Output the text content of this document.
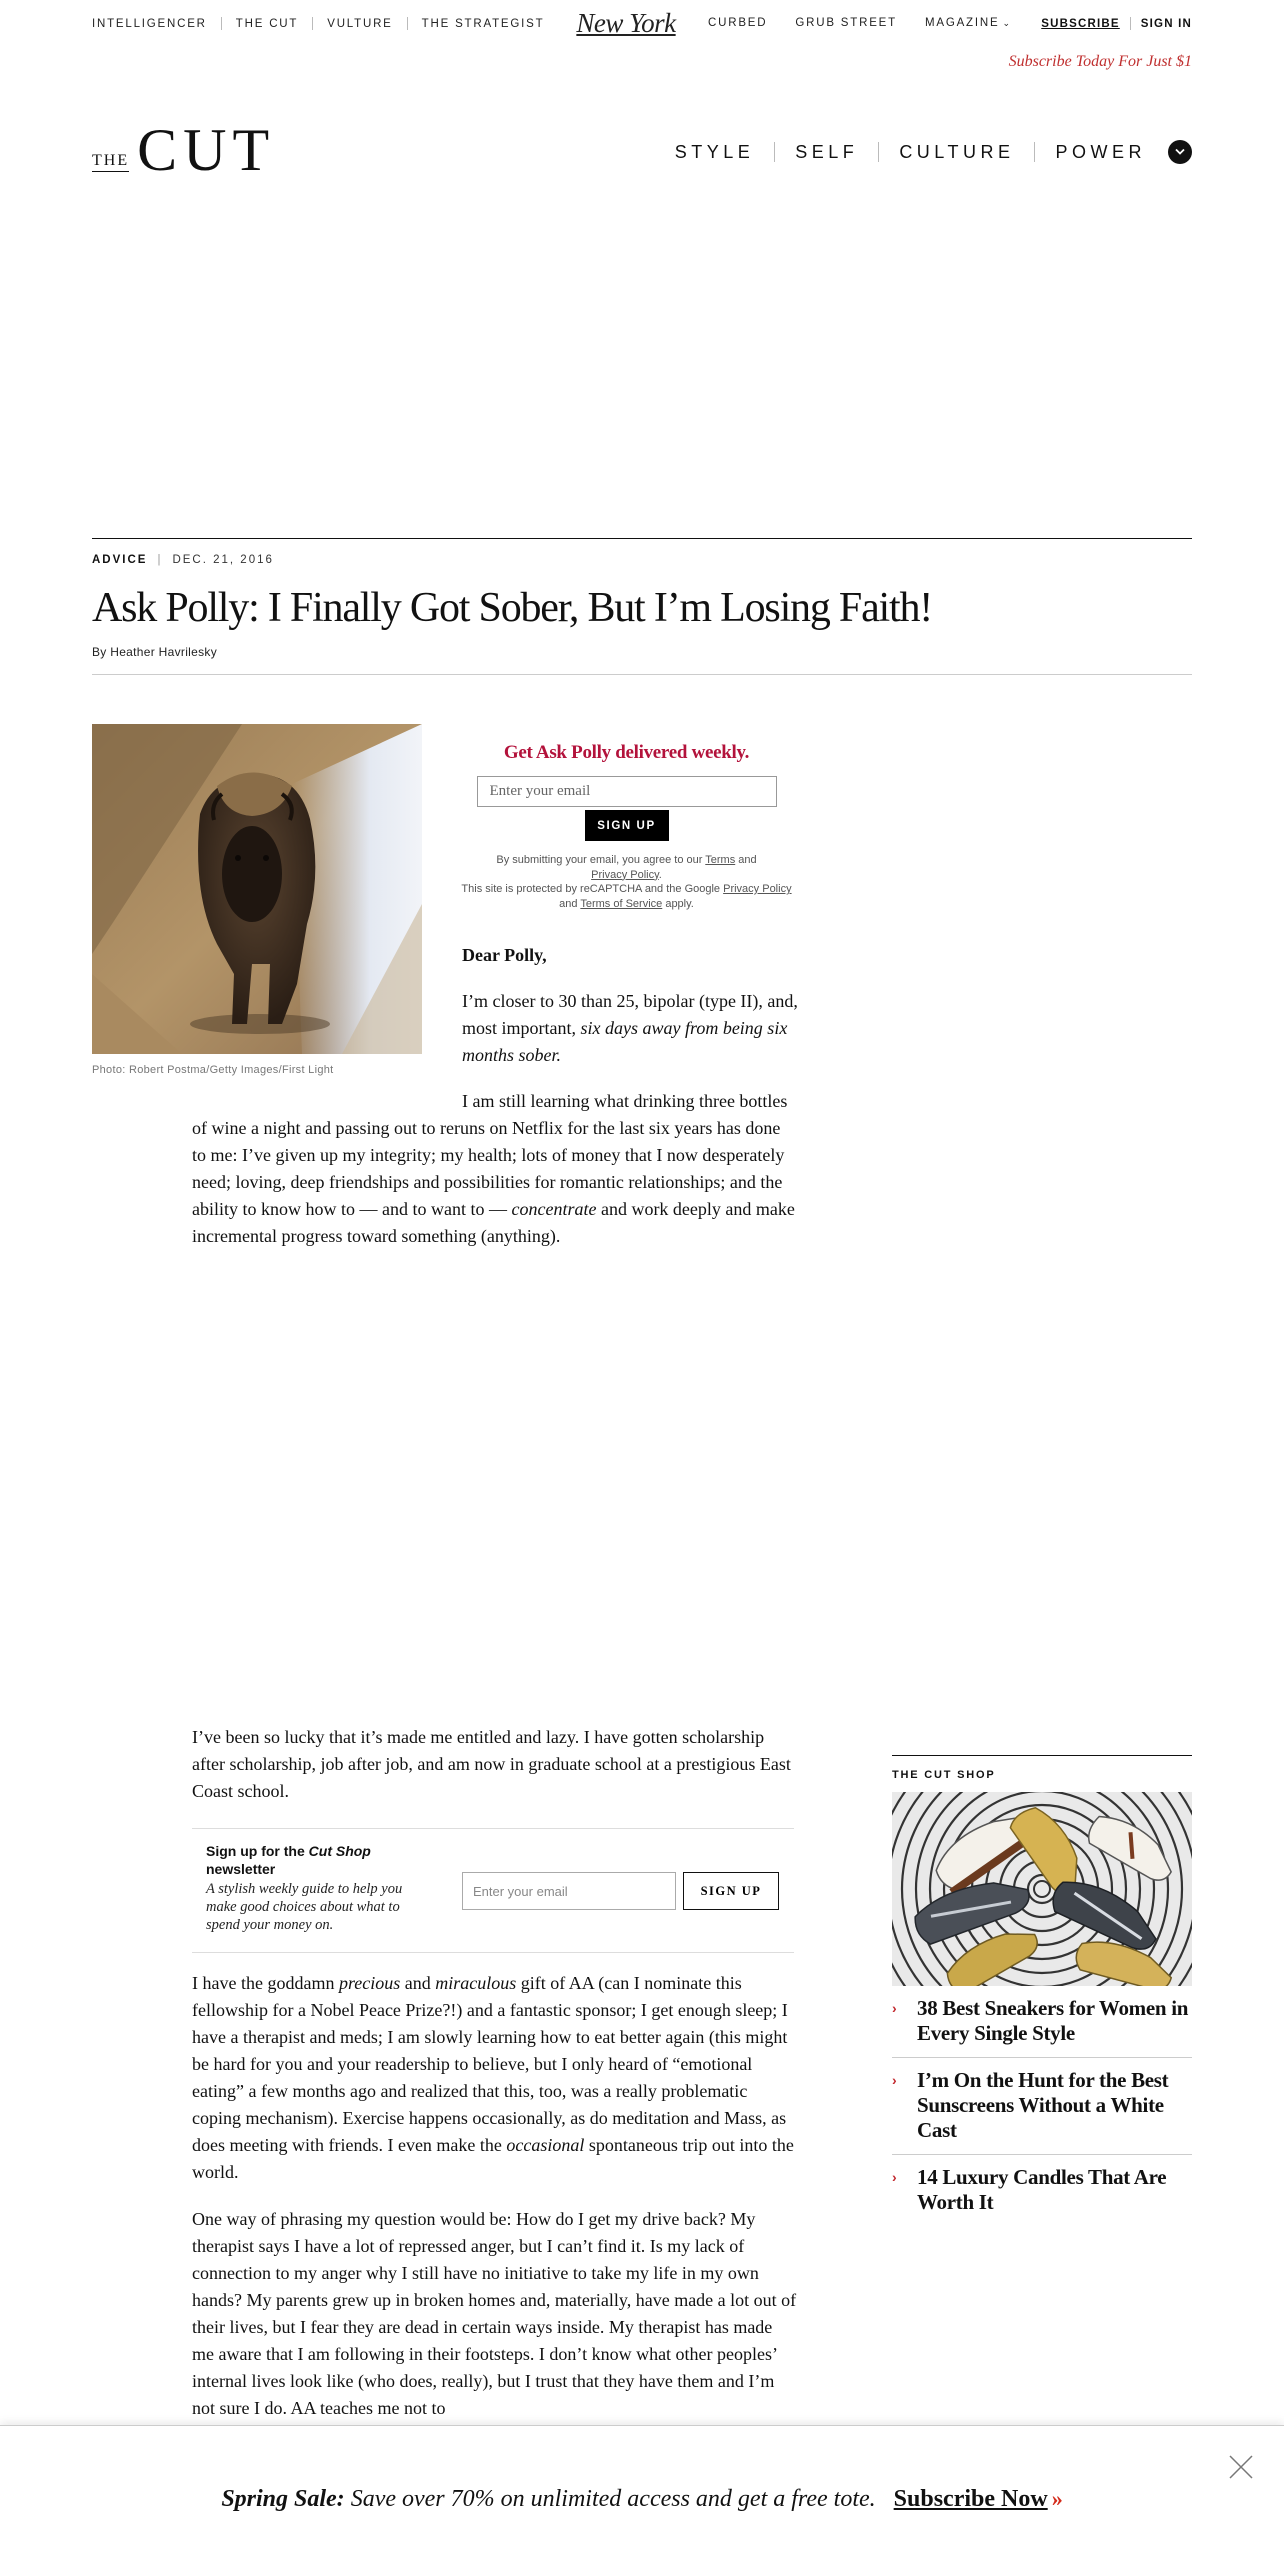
INTELLIGENCER	THE CUT	VULTURE	THE STRATEGIST	New York	CURBED GRUB STREET MAGAZINE ⌄	SUBSCRIBE SIGN IN
Subscribe Today For Just $1
THE CUT	STYLE SELF CULTURE POWER
ADVICE | DEC. 21, 2016
Ask Polly: I Finally Got Sober, But I’m Losing Faith!
By Heather Havrilesky
Photo: Robert Postma/Getty Images/First Light
Get Ask Polly delivered weekly.
Enter your email
SIGN UP
By submitting your email, you agree to our Terms and
Privacy Policy.
This site is protected by reCAPTCHA and the Google Privacy Policy and Terms of Service apply.

Dear Polly,

I’m closer to 30 than 25, bipolar (type II), and, most important, six days away from being six months sober.

I am still learning what drinking three bottles of wine a night and passing out to reruns on Netflix for the last six years has done to me: I’ve given up my integrity; my health; lots of money that I now desperately need; loving, deep friendships and possibilities for romantic relationships; and the ability to know how to — and to want to — concentrate and work deeply and make incremental progress toward something (anything).

I’ve been so lucky that it’s made me entitled and lazy. I have gotten scholarship after scholarship, job after job, and am now in graduate school at a prestigious East Coast school.

Sign up for the Cut Shop newsletter
A stylish weekly guide to help you make good choices about what to spend your money on.
Enter your email
SIGN UP

I have the goddamn precious and miraculous gift of AA (can I nominate this fellowship for a Nobel Peace Prize?!) and a fantastic sponsor; I get enough sleep; I have a therapist and meds; I am slowly learning how to eat better again (this might be hard for you and your readership to believe, but I only heard of “emotional eating” a few months ago and realized that this, too, was a really problematic coping mechanism). Exercise happens occasionally, as do meditation and Mass, as does meeting with friends. I even make the occasional spontaneous trip out into the world.

One way of phrasing my question would be: How do I get my drive back? My therapist says I have a lot of repressed anger, but I can’t find it. Is my lack of connection to my anger why I still have no initiative to take my life in my own hands? My parents grew up in broken homes and, materially, have made a lot out of their lives, but I fear they are dead in certain ways inside. My therapist has made me aware that I am following in their footsteps. I don’t know what other peoples’ internal lives look like (who does, really), but I trust that they have them and I’m not sure I do. AA teaches me not to

THE CUT SHOP
› 38 Best Sneakers for Women in Every Single Style
› I’m On the Hunt for the Best Sunscreens Without a White Cast
› 14 Luxury Candles That Are Worth It
Spring Sale: Save over 70% on unlimited access and get a free tote. Subscribe Now »
